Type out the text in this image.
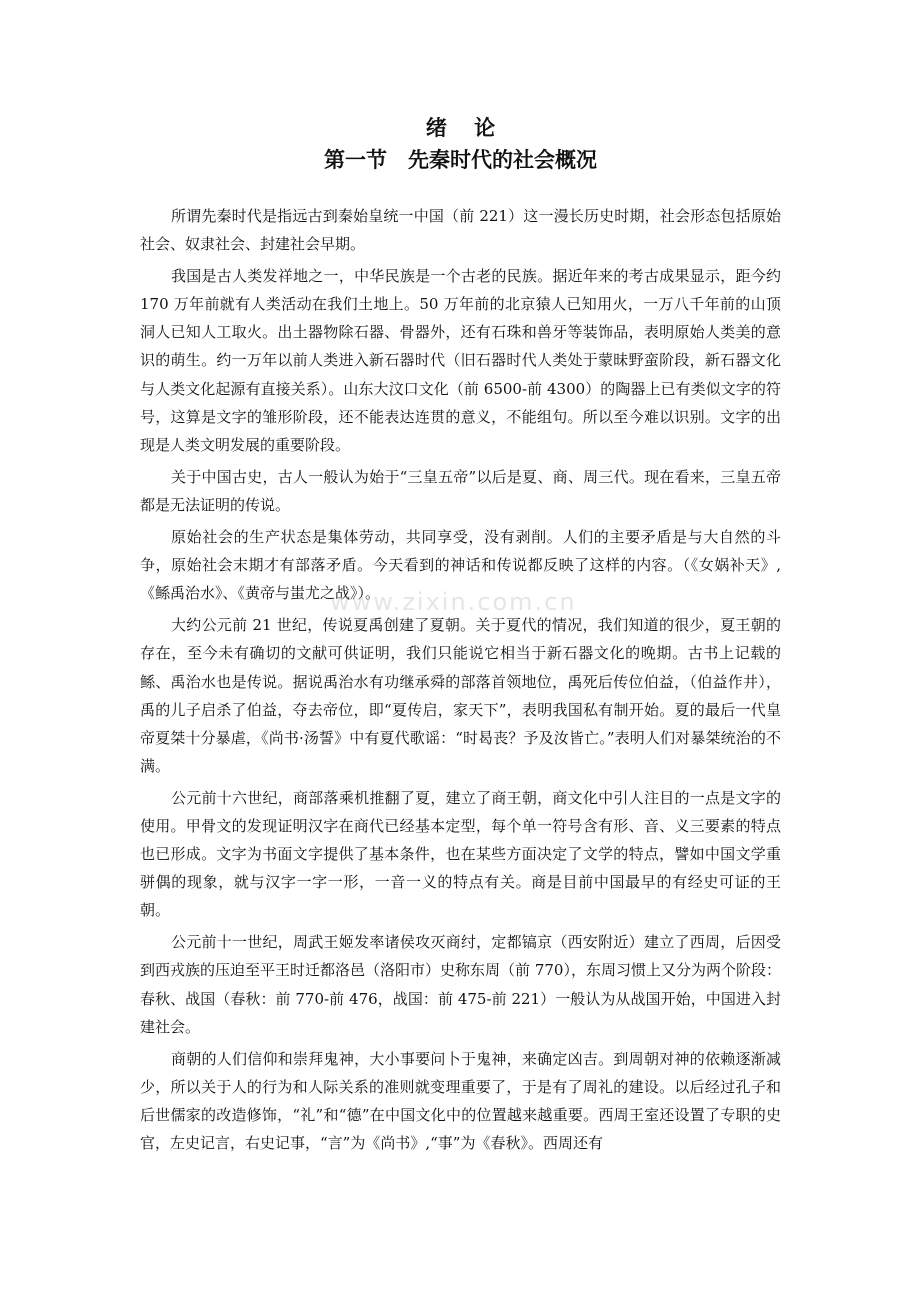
绪 论
第一节　先秦时代的社会概况

所谓先秦时代是指远古到秦始皇统一中国（前 221）这一漫长历史时期，社会形态包括原始社会、奴隶社会、封建社会早期。

我国是古人类发祥地之一，中华民族是一个古老的民族。据近年来的考古成果显示，距今约 170 万年前就有人类活动在我们土地上。50 万年前的北京猿人已知用火，一万八千年前的山顶洞人已知人工取火。出土器物除石器、骨器外，还有石珠和兽牙等装饰品，表明原始人类美的意识的萌生。约一万年以前人类进入新石器时代（旧石器时代人类处于蒙昧野蛮阶段，新石器文化与人类文化起源有直接关系）。山东大汶口文化（前 6500-前 4300）的陶器上已有类似文字的符号，这算是文字的雏形阶段，还不能表达连贯的意义，不能组句。所以至今难以识别。文字的出现是人类文明发展的重要阶段。

关于中国古史，古人一般认为始于“三皇五帝”以后是夏、商、周三代。现在看来，三皇五帝都是无法证明的传说。

原始社会的生产状态是集体劳动，共同享受，没有剥削。人们的主要矛盾是与大自然的斗争，原始社会末期才有部落矛盾。今天看到的神话和传说都反映了这样的内容。（《女娲补天》,《鲧禹治水》、《黄帝与蚩尤之战》）。

大约公元前 21 世纪，传说夏禹创建了夏朝。关于夏代的情况，我们知道的很少，夏王朝的存在，至今未有确切的文献可供证明，我们只能说它相当于新石器文化的晚期。古书上记载的鲧、禹治水也是传说。据说禹治水有功继承舜的部落首领地位，禹死后传位伯益，（伯益作井），禹的儿子启杀了伯益，夺去帝位，即“夏传启，家天下”，表明我国私有制开始。夏的最后一代皇帝夏桀十分暴虐，《尚书·汤誓》中有夏代歌谣：“时曷丧？予及汝皆亡。”表明人们对暴桀统治的不满。

公元前十六世纪，商部落乘机推翻了夏，建立了商王朝，商文化中引人注目的一点是文字的使用。甲骨文的发现证明汉字在商代已经基本定型，每个单一符号含有形、音、义三要素的特点也已形成。文字为书面文字提供了基本条件，也在某些方面决定了文学的特点，譬如中国文学重骈偶的现象，就与汉字一字一形，一音一义的特点有关。商是目前中国最早的有经史可证的王朝。

公元前十一世纪，周武王姬发率诸侯攻灭商纣，定都镐京（西安附近）建立了西周，后因受到西戎族的压迫至平王时迁都洛邑（洛阳市）史称东周（前 770），东周习惯上又分为两个阶段：春秋、战国（春秋：前 770-前 476，战国：前 475-前 221）一般认为从战国开始，中国进入封建社会。

商朝的人们信仰和崇拜鬼神，大小事要问卜于鬼神，来确定凶吉。到周朝对神的依赖逐渐减少，所以关于人的行为和人际关系的准则就变理重要了，于是有了周礼的建设。以后经过孔子和后世儒家的改造修饰，“礼”和“德”在中国文化中的位置越来越重要。西周王室还设置了专职的史官，左史记言，右史记事，“言”为《尚书》,“事”为《春秋》。西周还有

www.zixin.com.cn
